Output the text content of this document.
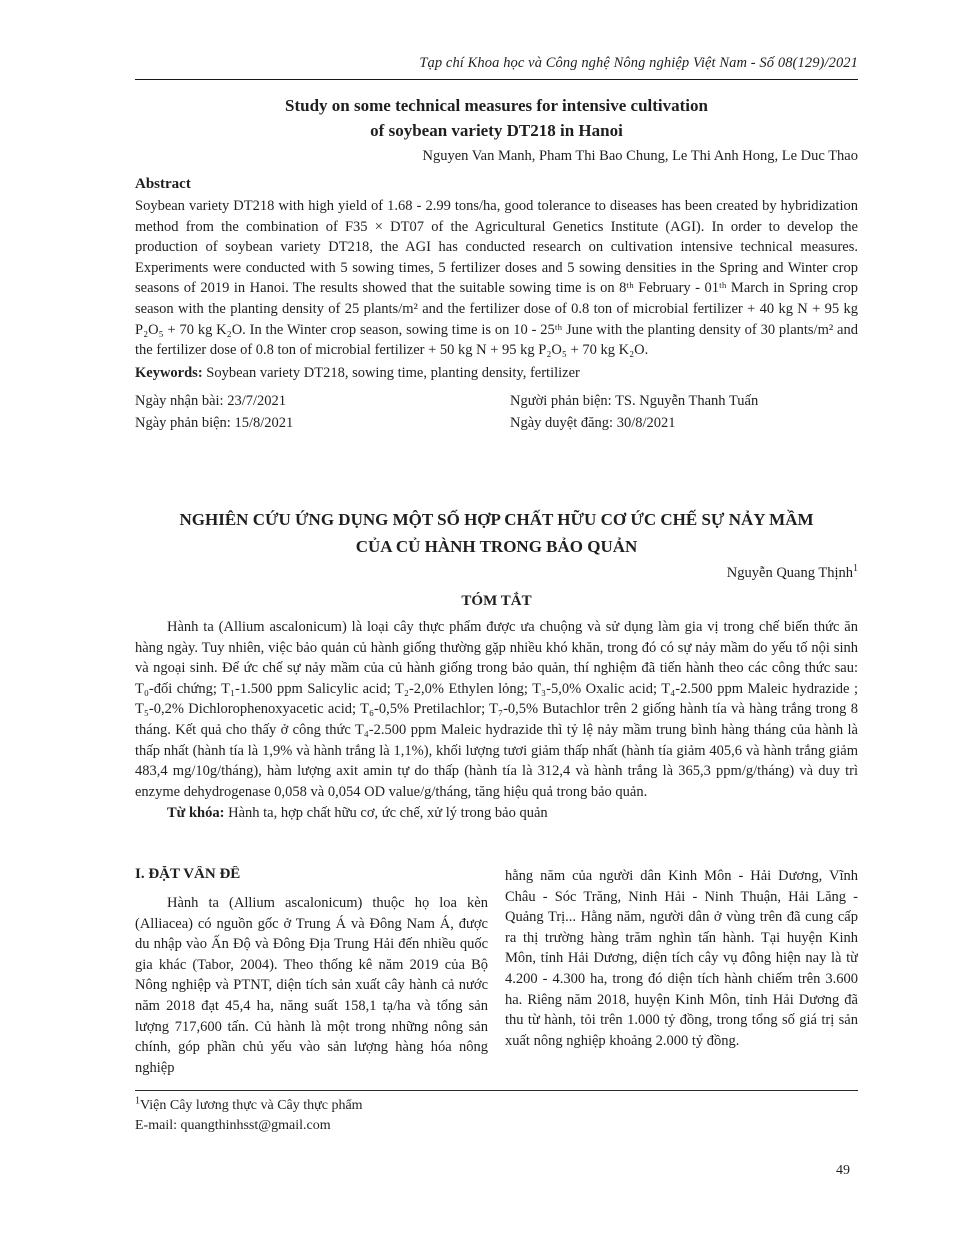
Tạp chí Khoa học và Công nghệ Nông nghiệp Việt Nam - Số 08(129)/2021
Study on some technical measures for intensive cultivation
of soybean variety DT218 in Hanoi
Nguyen Van Manh, Pham Thi Bao Chung, Le Thi Anh Hong, Le Duc Thao
Abstract
Soybean variety DT218 with high yield of 1.68 - 2.99 tons/ha, good tolerance to diseases has been created by hybridization method from the combination of F35 × DT07 of the Agricultural Genetics Institute (AGI). In order to develop the production of soybean variety DT218, the AGI has conducted research on cultivation intensive technical measures. Experiments were conducted with 5 sowing times, 5 fertilizer doses and 5 sowing densities in the Spring and Winter crop seasons of 2019 in Hanoi. The results showed that the suitable sowing time is on 8ᵗʰ February - 01ᵗʰ March in Spring crop season with the planting density of 25 plants/m² and the fertilizer dose of 0.8 ton of microbial fertilizer + 40 kg N + 95 kg P₂O₅ + 70 kg K₂O. In the Winter crop season, sowing time is on 10 - 25ᵗʰ June with the planting density of 30 plants/m² and the fertilizer dose of 0.8 ton of microbial fertilizer + 50 kg N + 95 kg P₂O₅ + 70 kg K₂O.
Keywords: Soybean variety DT218, sowing time, planting density, fertilizer
Ngày nhận bài: 23/7/2021	Người phản biện: TS. Nguyễn Thanh Tuấn
Ngày phản biện: 15/8/2021	Ngày duyệt đăng: 30/8/2021
NGHIÊN CỨU ỨNG DỤNG MỘT SỐ HỢP CHẤT HỮU CƠ ỨC CHẾ SỰ NẢY MẦM
CỦA CỦ HÀNH TRONG BẢO QUẢN
Nguyễn Quang Thịnh$^1$
TÓM TẮT
Hành ta (Allium ascalonicum) là loại cây thực phẩm được ưa chuộng và sử dụng làm gia vị trong chế biến thức ăn hàng ngày. Tuy nhiên, việc bảo quản củ hành giống thường gặp nhiều khó khăn, trong đó có sự nảy mầm do yếu tố nội sinh và ngoại sinh. Để ức chế sự nảy mầm của củ hành giống trong bảo quản, thí nghiệm đã tiến hành theo các công thức sau: T₀-đối chứng; T₁-1.500 ppm Salicylic acid; T₂-2,0% Ethylen lỏng; T₃-5,0% Oxalic acid; T₄-2.500 ppm Maleic hydrazide ; T₅-0,2% Dichlorophenoxyacetic acid; T₆-0,5% Pretilachlor; T₇-0,5% Butachlor trên 2 giống hành tía và hàng trắng trong 8 tháng. Kết quả cho thấy ở công thức T₄-2.500 ppm Maleic hydrazide thì tỷ lệ nảy mầm trung bình hàng tháng của hành là thấp nhất (hành tía là 1,9% và hành trắng là 1,1%), khối lượng tươi giảm thấp nhất (hành tía giảm 405,6 và hành trắng giảm 483,4 mg/10g/tháng), hàm lượng axit amin tự do thấp (hành tía là 312,4 và hành trắng là 365,3 ppm/g/tháng) và duy trì enzyme dehydrogenase 0,058 và 0,054 OD value/g/tháng, tăng hiệu quả trong bảo quản.
Từ khóa: Hành ta, hợp chất hữu cơ, ức chế, xử lý trong bảo quản
I. ĐẶT VẤN ĐỀ
Hành ta (Allium ascalonicum) thuộc họ loa kèn (Alliacea) có nguồn gốc ở Trung Á và Đông Nam Á, được du nhập vào Ấn Độ và Đông Địa Trung Hải đến nhiều quốc gia khác (Tabor, 2004). Theo thống kê năm 2019 của Bộ Nông nghiệp và PTNT, diện tích sản xuất cây hành cả nước năm 2018 đạt 45,4 ha, năng suất 158,1 tạ/ha và tổng sản lượng 717,600 tấn. Củ hành là một trong những nông sản chính, góp phần chủ yếu vào sản lượng hàng hóa nông nghiệp
hằng năm của người dân Kinh Môn - Hải Dương, Vĩnh Châu - Sóc Trăng, Ninh Hải - Ninh Thuận, Hải Lăng - Quảng Trị... Hằng năm, người dân ở vùng trên đã cung cấp ra thị trường hàng trăm nghìn tấn hành. Tại huyện Kinh Môn, tỉnh Hải Dương, diện tích cây vụ đông hiện nay là từ 4.200 - 4.300 ha, trong đó diện tích hành chiếm trên 3.600 ha. Riêng năm 2018, huyện Kinh Môn, tỉnh Hải Dương đã thu từ hành, tỏi trên 1.000 tỷ đồng, trong tổng số giá trị sản xuất nông nghiệp khoảng 2.000 tỷ đồng.
$^1$Viện Cây lương thực và Cây thực phẩm
E-mail: quangthinhsst@gmail.com
49
